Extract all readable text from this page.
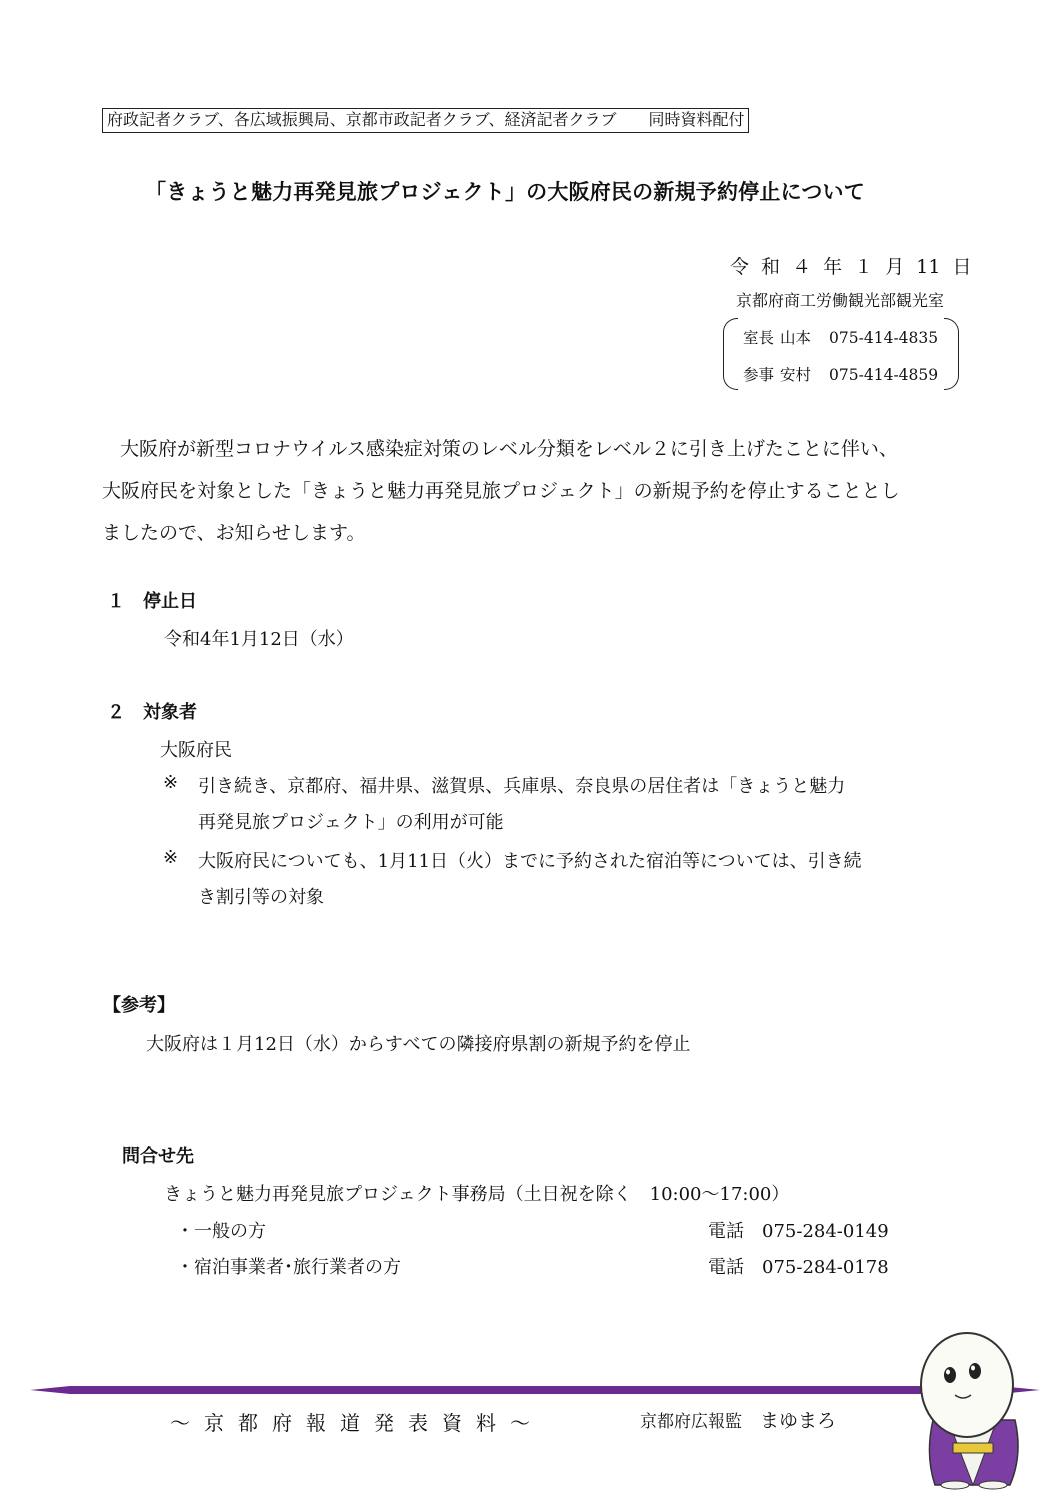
府政記者クラブ、各広域振興局、京都市政記者クラブ、経済記者クラブ　　同時資料配付
「きょうと魅力再発見旅プロジェクト」の大阪府民の新規予約停止について
令 和 ４ 年 １ 月 11 日
京都府商工労働観光部観光室
室長 山本 075-414-4835
参事 安村 075-414-4859
大阪府が新型コロナウイルス感染症対策のレベル分類をレベル２に引き上げたことに伴い、
大阪府民を対象とした「きょうと魅力再発見旅プロジェクト」の新規予約を停止することとし
ましたので、お知らせします。
１　停止日
令和4年1月12日（水）
２　対象者
大阪府民
※ 引き続き、京都府、福井県、滋賀県、兵庫県、奈良県の居住者は「きょうと魅力
再発見旅プロジェクト」の利用が可能
※ 大阪府民についても、1月11日（火）までに予約された宿泊等については、引き続
き割引等の対象
【参考】
大阪府は１月12日（水）からすべての隣接府県割の新規予約を停止
問合せ先
きょうと魅力再発見旅プロジェクト事務局（土日祝を除く　10:00～17:00）
・一般の方	電話　075-284-0149
・宿泊事業者･旅行業者の方	電話　075-284-0178
～京都府報道発表資料～	京都府広報監 まゆまろ
